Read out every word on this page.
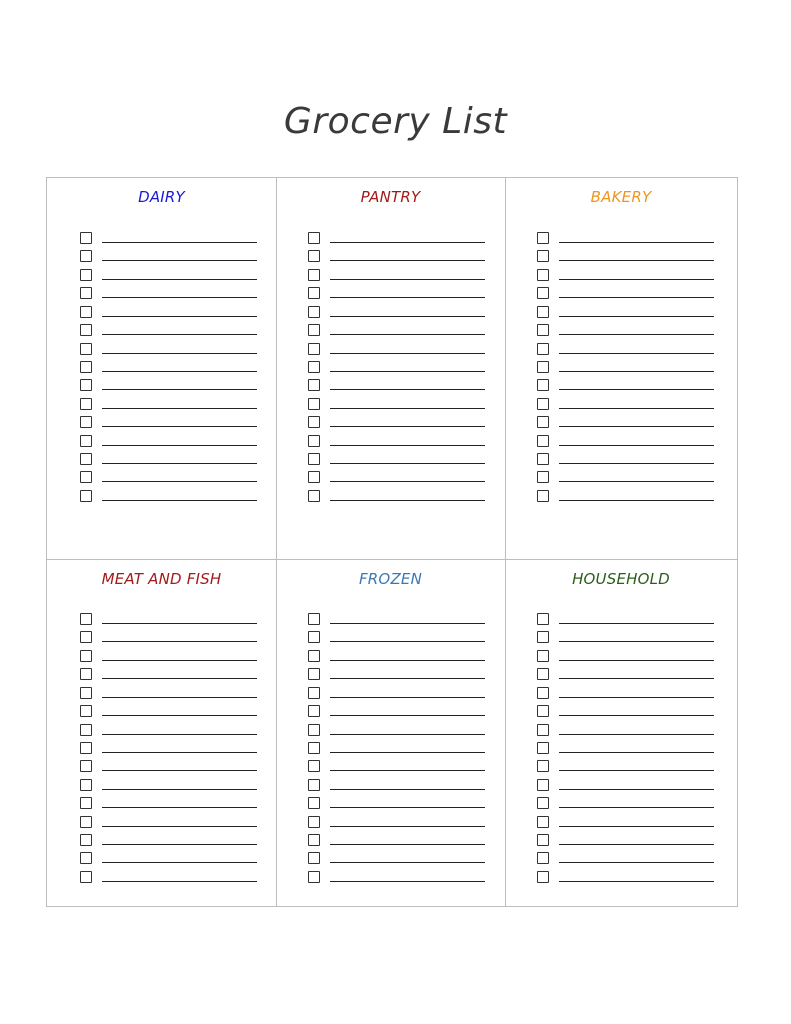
Grocery List
DAIRY	PANTRY	BAKERY
MEAT AND FISH	FROZEN	HOUSEHOLD
